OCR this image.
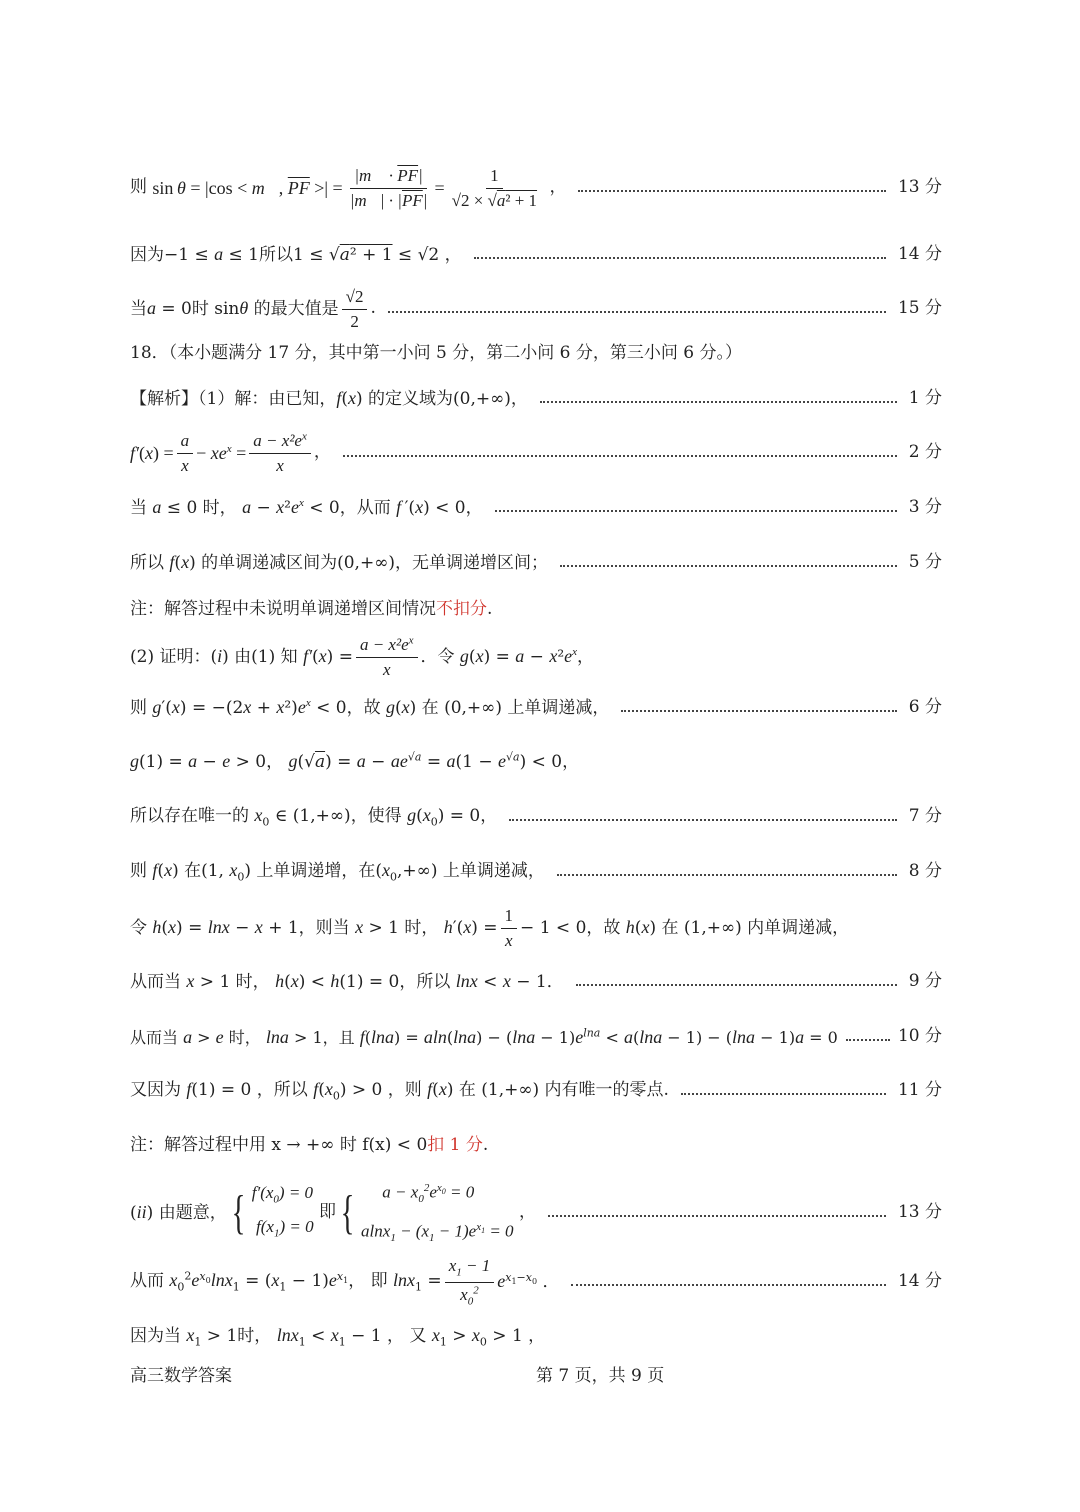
则 sin  θ = |cos < m⃗ , $\overline{PF}$ >| = $\frac{|m⃗ \cdot \overline{PF}|}{|m⃗| \cdot |\overline{PF}|} = \frac{1}{\text{√2 × √a² + 1}}$ ，	13 分
因为−1 ≤ a ≤ 1所以1 ≤ √a² + 1 ≤ √2 ，	14 分
当a = 0时 sinθ 的最大值是 $\frac{√2}{2}$ .	15 分
18．（本小题满分 17 分，其中第一小问 5 分，第二小问 6 分，第三小问 6 分。）
【解析】（1）解：由已知，f(x) 的定义域为(0,+∞)，	1 分
f′ ( x ) = $\frac{a}{x} - xe^x = \frac{a - x^2e^x}{x}$ ，	2 分
当 a ≤ 0 时， $a - x^2e^x < 0$，从而 f ′(x) < 0，	3 分
所以 f(x) 的单调递减区间为(0,+∞)，无单调递增区间；	5 分
注：解答过程中未说明单调递增区间情况 不扣分 .
(2) 证明：(i) 由(1) 知 $f'(x) = \frac{a - x^2e^x}{x}$ ．令 $g(x) = a - x^2e^x$，
则 $g'(x) = -(2x + x^2)e^x < 0$，故 g(x) 在 (0,+∞) 上单调递减，	6 分
g(1) = a − e > 0， $g(√a) = a - ae^{√a} = a(1 - e^{√a}) < 0$，
所以存在唯一的 $x_0$ ∈ (1,+∞)，使得 $g(x_0) = 0$，	7 分
则 f(x) 在(1, $x_0$) 上单调递增，在$(x_0,+\infty)$ 上单调递减，	8 分
令 h(x) = lnx − x + 1，则当 x > 1 时， $h'(x) = \frac{1}{x} - 1 < 0$，故 h(x) 在 (1,+∞) 内单调递减，
从而当 x > 1 时， h(x) < h(1) = 0，所以 lnx < x − 1．	9 分
从而当 a > e 时， lna > 1，且 $f(\ln a) = aln(\ln a) - (\ln a - 1)e^{lna} < a(\ln a - 1) - (\ln a - 1)a = 0$	10 分
又因为 f(1) = 0 ，所以 $f(x_0) > 0$ ，则 f(x) 在 (1,+∞) 内有唯一的零点.	11 分
注：解答过程中用 x → +∞ 时 f(x) < 0 扣 1 分 .
(ii) 由题意， { $f'(x_0) = 0$
$f(x_1) = 0$
即 { $a - x_0^2e^{x_0} = 0$
$alnx_1 - (x_1 - 1)e^{x_1} = 0$
，	13 分
从而 $x_0^2e^{x_0}\ln x_1 = (x_1 - 1)e^{x_1}$， 即 $\ln x_1 = \frac{x_1 - 1}{x_0^2} e^{x_1-x_0}$ ．	14 分
因为当 $x_1 > 1$时， $\ln x_1 < x_1 - 1$ ， 又 $x_1 > x_0 > 1$ ，
高三数学答案	第 7 页，共 9 页
